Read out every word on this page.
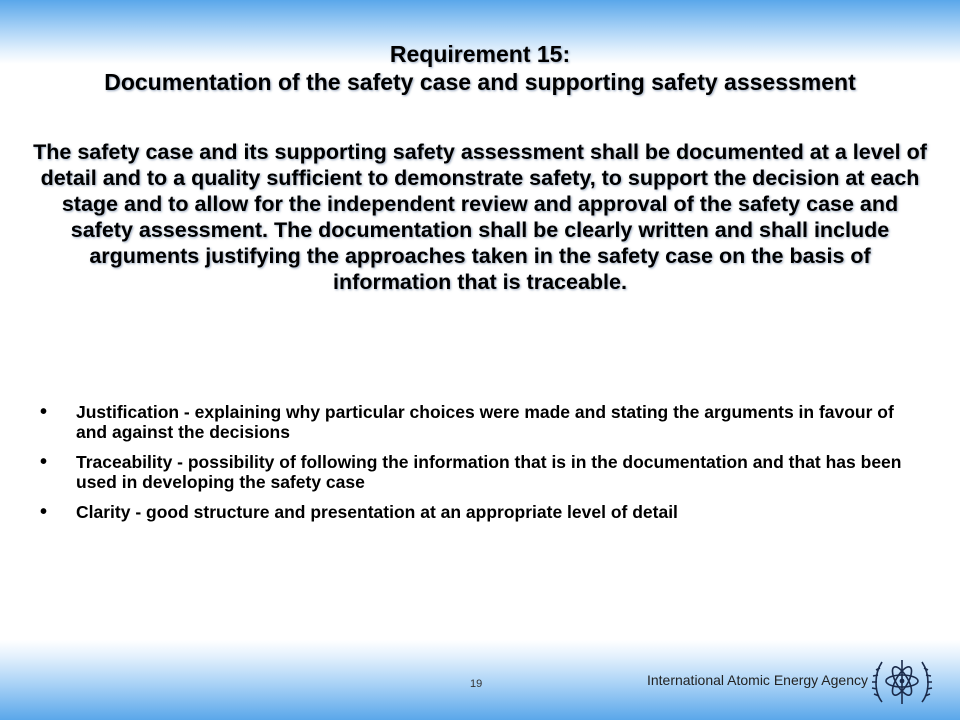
Requirement 15:
Documentation of the safety case and supporting safety assessment
The safety case and its supporting safety assessment shall be documented at a level of detail and to a quality sufficient to demonstrate safety, to support the decision at each stage and to allow for the independent review and approval of the safety case and safety assessment. The documentation shall be clearly written and shall include arguments justifying the approaches taken in the safety case on the basis of information that is traceable.
• Justification - explaining why particular choices were made and stating the arguments in favour of and against the decisions
• Traceability - possibility of following the information that is in the documentation and that has been used in developing the safety case
• Clarity - good structure and presentation at an appropriate level of detail
19	International Atomic Energy Agency
